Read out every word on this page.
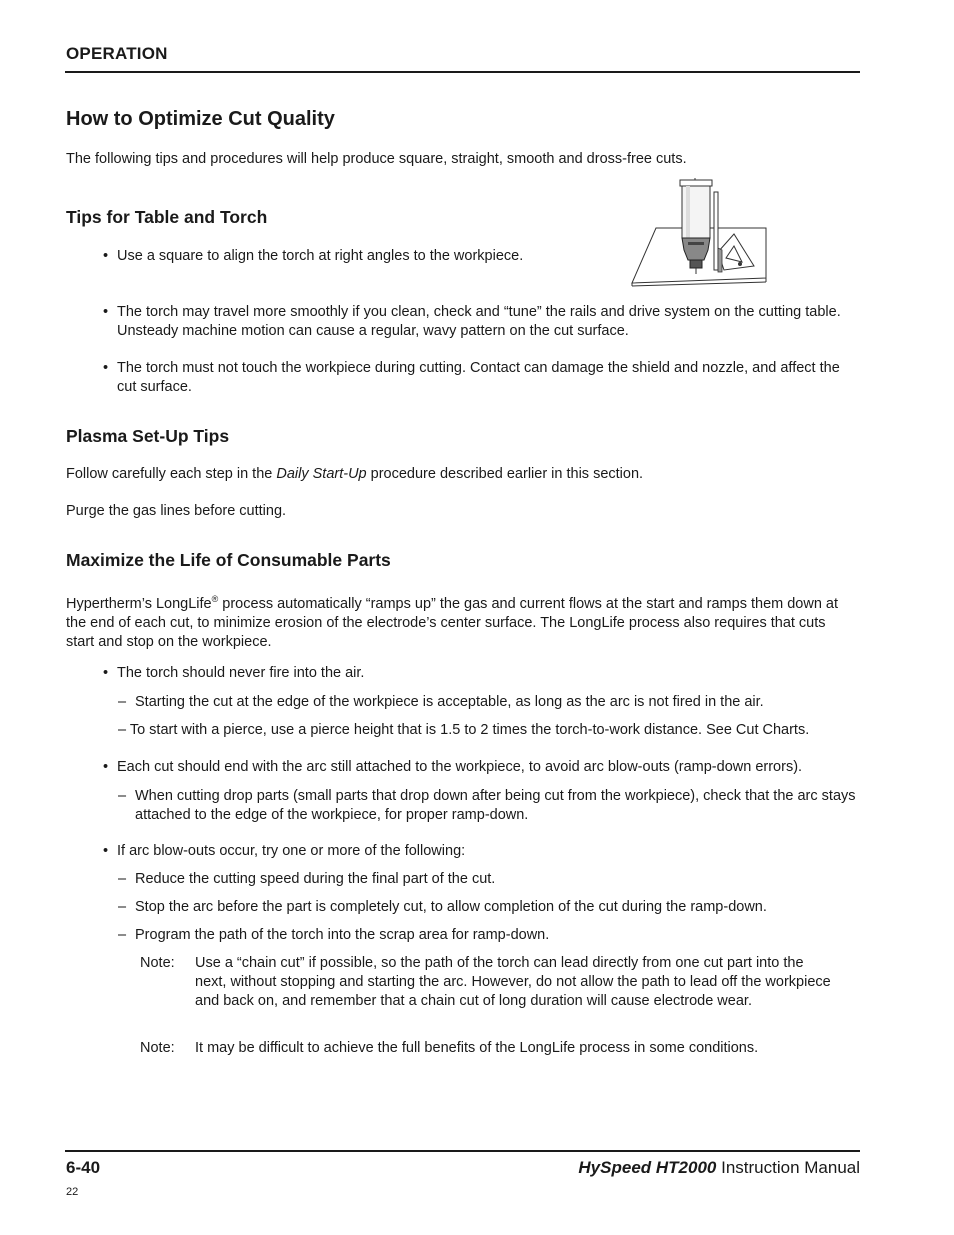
OPERATION
How to Optimize Cut Quality
The following tips and procedures will help produce square, straight, smooth and dross-free cuts.
Tips for Table and Torch
• Use a square to align the torch at right angles to the workpiece.
• The torch may travel more smoothly if you clean, check and “tune” the rails and drive system on the cutting table. Unsteady machine motion can cause a regular, wavy pattern on the cut surface.
• The torch must not touch the workpiece during cutting. Contact can damage the shield and nozzle, and affect the cut surface.
Plasma Set-Up Tips
Follow carefully each step in the Daily Start-Up procedure described earlier in this section.
Purge the gas lines before cutting.
Maximize the Life of Consumable Parts
Hypertherm’s LongLife® process automatically “ramps up” the gas and current flows at the start and ramps them down at the end of each cut, to minimize erosion of the electrode’s center surface. The LongLife process also requires that cuts start and stop on the workpiece.
• The torch should never fire into the air.
– Starting the cut at the edge of the workpiece is acceptable, as long as the arc is not fired in the air.
– To start with a pierce, use a pierce height that is 1.5 to 2 times the torch-to-work distance. See Cut Charts.
• Each cut should end with the arc still attached to the workpiece, to avoid arc blow-outs (ramp-down errors).
– When cutting drop parts (small parts that drop down after being cut from the workpiece), check that the arc stays attached to the edge of the workpiece, for proper ramp-down.
• If arc blow-outs occur, try one or more of the following:
– Reduce the cutting speed during the final part of the cut.
– Stop the arc before the part is completely cut, to allow completion of the cut during the ramp-down.
– Program the path of the torch into the scrap area for ramp-down.
Note: Use a “chain cut” if possible, so the path of the torch can lead directly from one cut part into the next, without stopping and starting the arc. However, do not allow the path to lead off the workpiece and back on, and remember that a chain cut of long duration will cause electrode wear.
Note: It may be difficult to achieve the full benefits of the LongLife process in some conditions.
6-40	HySpeed HT2000 Instruction Manual
22
